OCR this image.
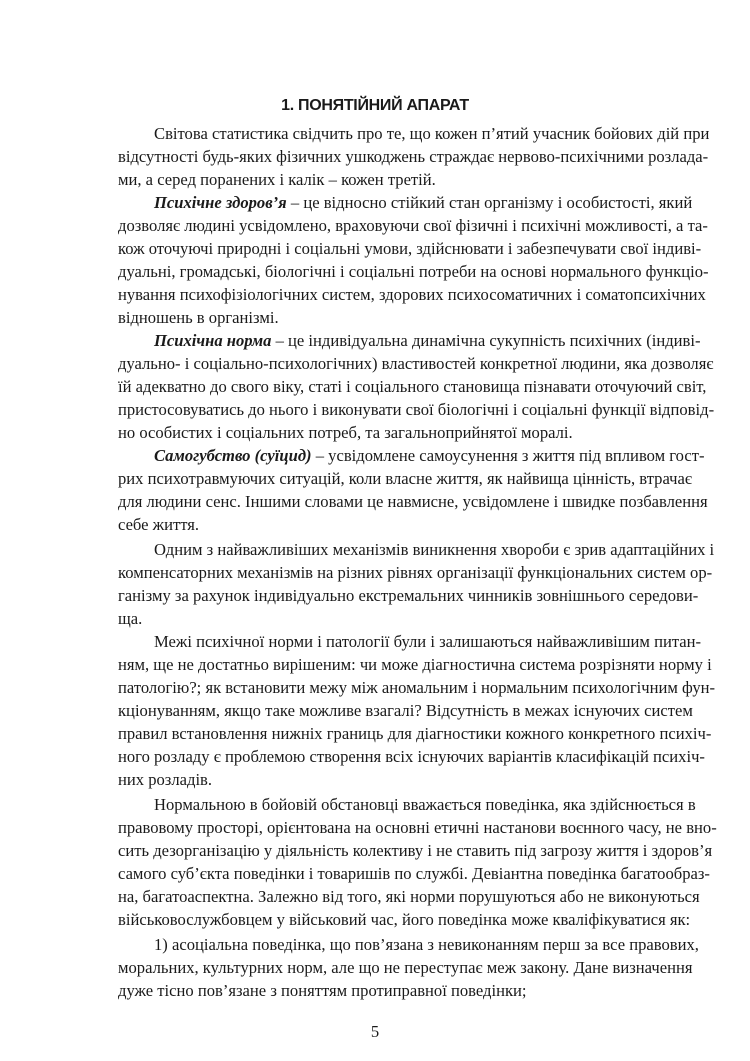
1. ПОНЯТІЙНИЙ АПАРАТ
Світова статистика свідчить про те, що кожен п’ятий учасник бойових дій при
відсутності будь-яких фізичних ушкоджень страждає нервово-психічними розлада-
ми, а серед поранених і калік – кожен третій.
Психічне здоров’я – це відносно стійкий стан організму і особистості, який
дозволяє людині усвідомлено, враховуючи свої фізичні і психічні можливості, а та-
кож оточуючі природні і соціальні умови, здійснювати і забезпечувати свої індиві-
дуальні, громадські, біологічні і соціальні потреби на основі нормального функціо-
нування психофізіологічних систем, здорових психосоматичних і соматопсихічних
відношень в організмі.
Психічна норма – це індивідуальна динамічна сукупність психічних (індиві-
дуально- і соціально-психологічних) властивостей конкретної людини, яка дозволяє
їй адекватно до свого віку, статі і соціального становища пізнавати оточуючий світ,
пристосовуватись до нього і виконувати свої біологічні і соціальні функції відповід-
но особистих і соціальних потреб, та загальноприйнятої моралі.
Самогубство (суїцид) – усвідомлене самоусунення з життя під впливом гост-
рих психотравмуючих ситуацій, коли власне життя, як найвища цінність, втрачає
для людини сенс. Іншими словами це навмисне, усвідомлене і швидке позбавлення
себе життя.
Одним з найважливіших механізмів виникнення хвороби є зрив адаптаційних і
компенсаторних механізмів на різних рівнях організації функціональних систем ор-
ганізму за рахунок індивідуально екстремальних чинників зовнішнього середови-
ща.
Межі психічної норми і патології були і залишаються найважливішим питан-
ням, ще не достатньо вирішеним: чи може діагностична система розрізняти норму і
патологію?; як встановити межу між аномальним і нормальним психологічним фун-
кціонуванням, якщо таке можливе взагалі? Відсутність в межах існуючих систем
правил встановлення нижніх границь для діагностики кожного конкретного психіч-
ного розладу є проблемою створення всіх існуючих варіантів класифікацій психіч-
них розладів.
Нормальною в бойовій обстановці вважається поведінка, яка здійснюється в
правовому просторі, орієнтована на основні етичні настанови воєнного часу, не вно-
сить дезорганізацію у діяльність колективу і не ставить під загрозу життя і здоров’я
самого суб’єкта поведінки і товаришів по службі. Девіантна поведінка багатообраз-
на, багатоаспектна. Залежно від того, які норми порушуються або не виконуються
військовослужбовцем у військовий час, його поведінка може кваліфікуватися як:
1) асоціальна поведінка, що пов’язана з невиконанням перш за все правових,
моральних, культурних норм, але що не переступає меж закону. Дане визначення
дуже тісно пов’язане з поняттям протиправної поведінки;
5
